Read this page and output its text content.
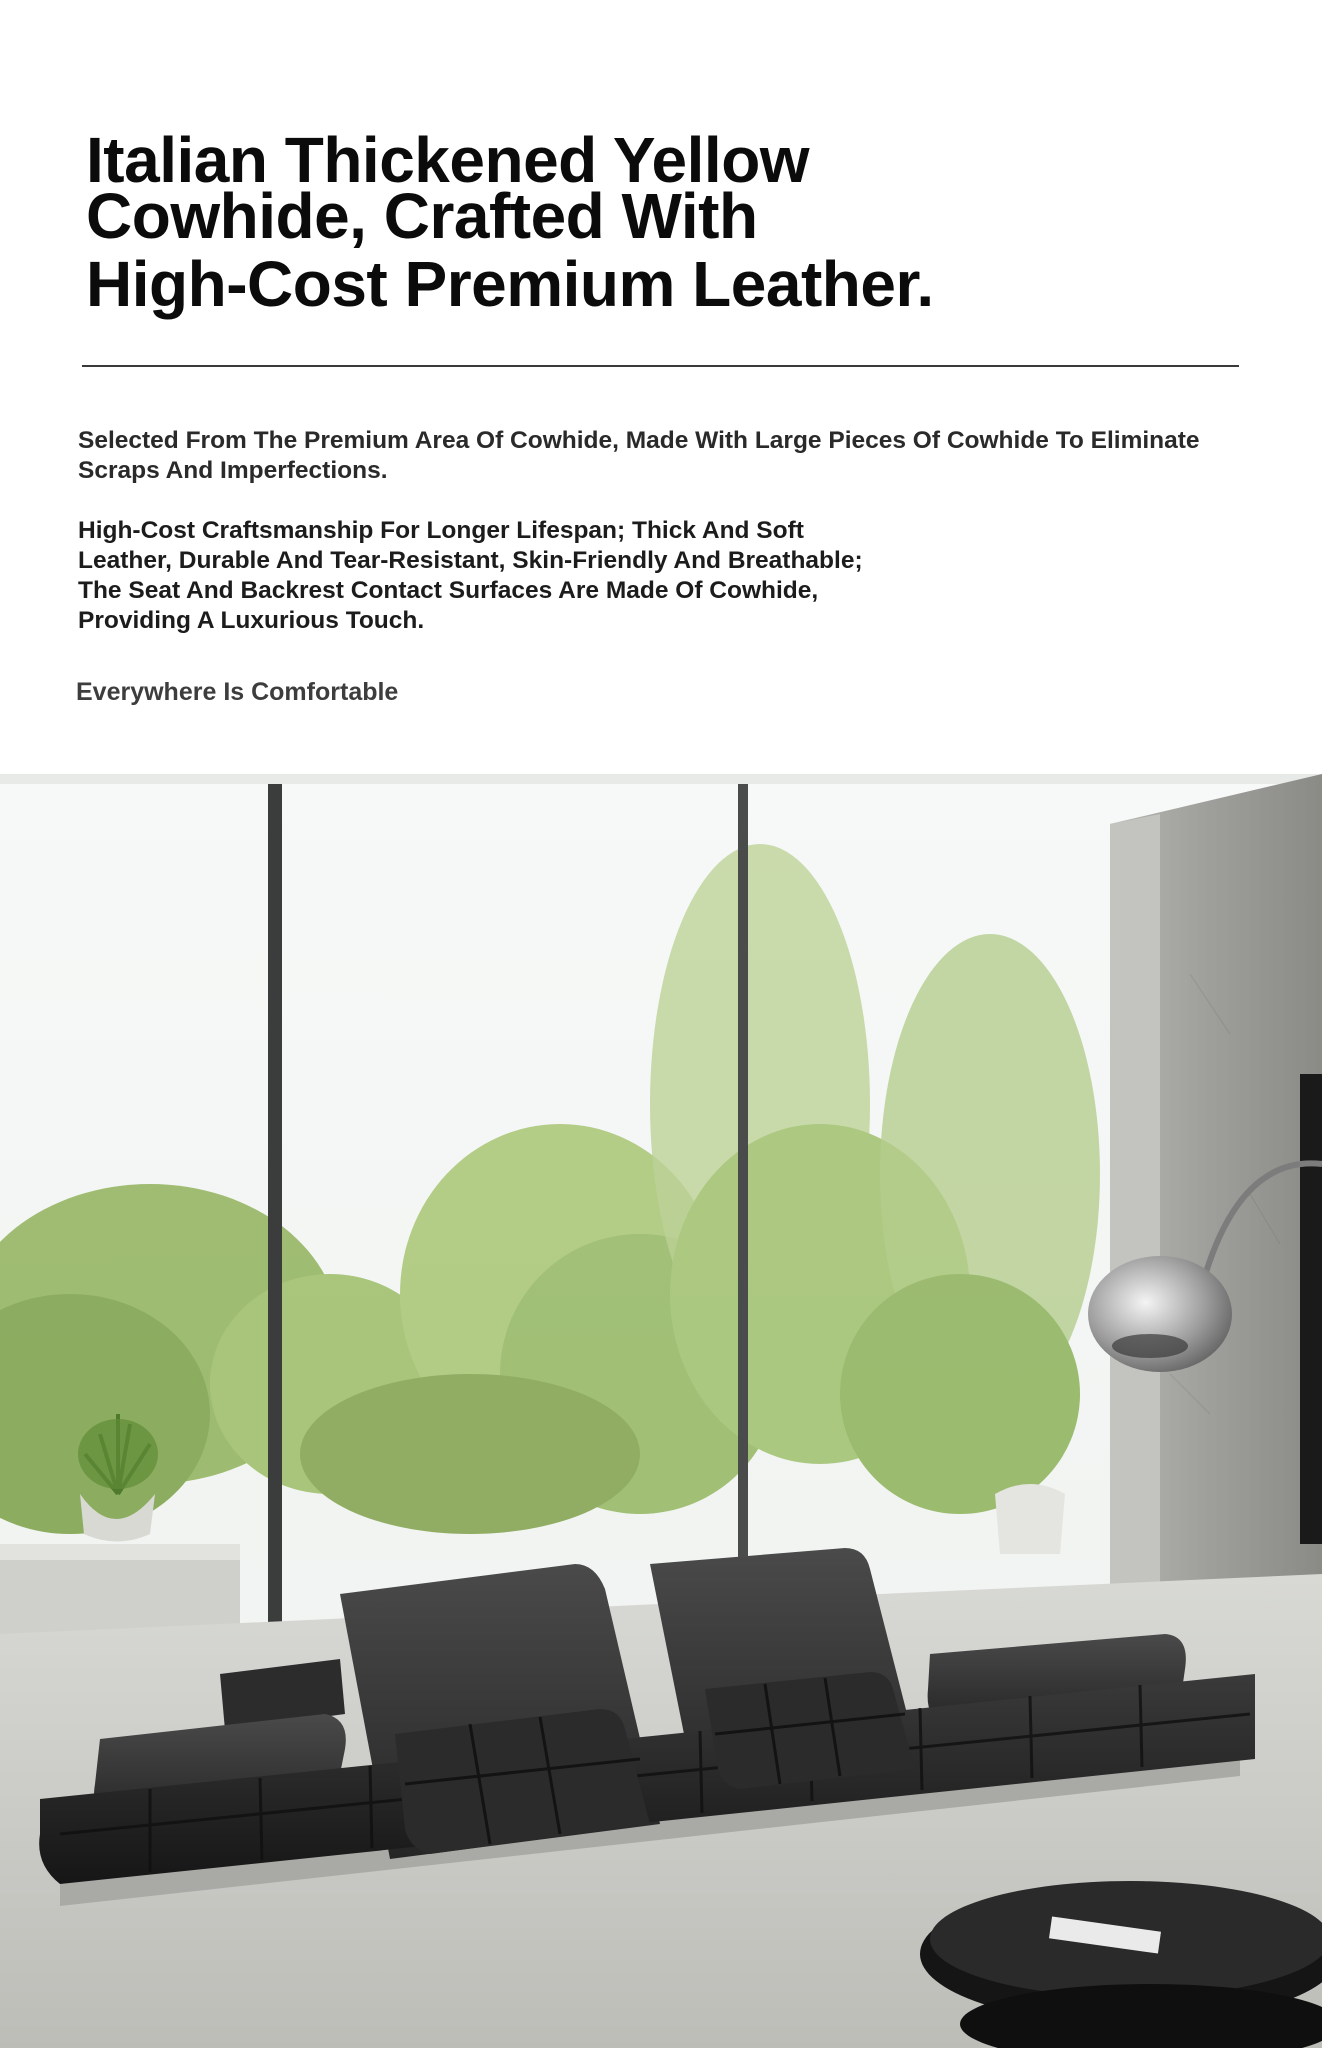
Italian Thickened Yellow
Cowhide, Crafted With
High-Cost Premium Leather.

Selected From The Premium Area Of Cowhide, Made With Large Pieces Of Cowhide To Eliminate
Scraps And Imperfections.

High-Cost Craftsmanship For Longer Lifespan; Thick And Soft
Leather, Durable And Tear-Resistant, Skin-Friendly And Breathable;
The Seat And Backrest Contact Surfaces Are Made Of Cowhide,
Providing A Luxurious Touch.

Everywhere Is Comfortable
